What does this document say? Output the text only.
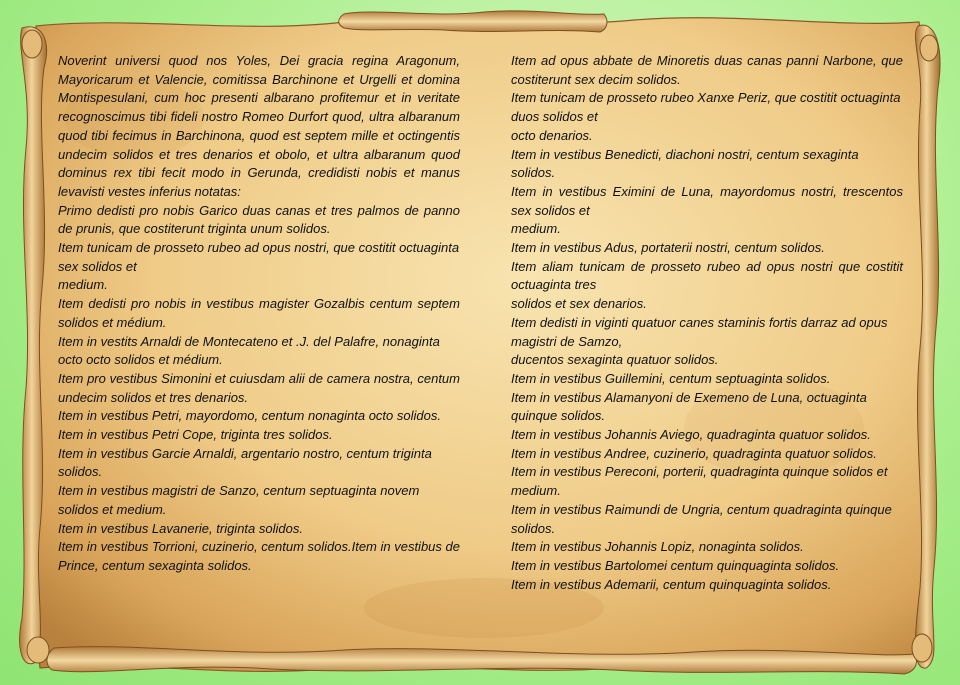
Noverint universi quod nos Yoles, Dei gracia regina Aragonum, Mayoricarum et Valencie, comitissa Barchinone et Urgelli et domina Montispesulani, cum hoc presenti albarano profitemur et in veritate recognoscimus tibi fideli nostro Romeo Durfort quod, ultra albaranum quod tibi fecimus in Barchinona, quod est septem mille et octingentis undecim solidos et tres denarios et obolo, et ultra albaranum quod dominus rex tibi fecit modo in Gerunda, credidisti nobis et manus levavisti vestes inferius notatas:

Primo dedisti pro nobis Garico duas canas et tres palmos de panno de prunis, que costiterunt triginta unum solidos.

Item tunicam de prosseto rubeo ad opus nostri, que costitit octuaginta sex solidos et
medium.

Item dedisti pro nobis in vestibus magister Gozalbis centum septem solidos et médium.

Item in vestits Arnaldi de Montecateno et .J. del Palafre, nonaginta octo octo solidos et médium.

Item pro vestibus Simonini et cuiusdam alii de camera nostra, centum undecim solidos et tres denarios.

Item in vestibus Petri, mayordomo, centum nonaginta octo solidos.

Item in vestibus Petri Cope, triginta tres solidos.

Item in vestibus Garcie Arnaldi, argentario nostro, centum triginta solidos.

Item in vestibus magistri de Sanzo, centum septuaginta novem solidos et medium.

Item in vestibus Lavanerie, triginta solidos.

Item in vestibus Torrioni, cuzinerio, centum solidos.Item in vestibus de Prince, centum sexaginta solidos.

Item ad opus abbate de Minoretis duas canas panni Narbone, que costiterunt sex decim solidos.

Item tunicam de prosseto rubeo Xanxe Periz, que costitit octuaginta duos solidos et
octo denarios.

Item in vestibus Benedicti, diachoni nostri, centum sexaginta solidos.

Item in vestibus Eximini de Luna, mayordomus nostri, trescentos sex solidos et
medium.

Item in vestibus Adus, portaterii nostri, centum solidos.

Item aliam tunicam de prosseto rubeo ad opus nostri que costitit octuaginta tres
solidos et sex denarios.

Item dedisti in viginti quatuor canes staminis fortis darraz ad opus magistri de Samzo,
ducentos sexaginta quatuor solidos.

Item in vestibus Guillemini, centum septuaginta solidos.

Item in vestibus Alamanyoni de Exemeno de Luna, octuaginta quinque solidos.

Item in vestibus Johannis Aviego, quadraginta quatuor solidos.

Item in vestibus Andree, cuzinerio, quadraginta quatuor solidos.

Item in vestibus Pereconi, porterii, quadraginta quinque solidos et medium.

Item in vestibus Raimundi de Ungria, centum quadraginta quinque solidos.

Item in vestibus Johannis Lopiz, nonaginta solidos.

Item in vestibus Bartolomei centum quinquaginta solidos.

Item in vestibus Ademarii, centum quinquaginta solidos.
